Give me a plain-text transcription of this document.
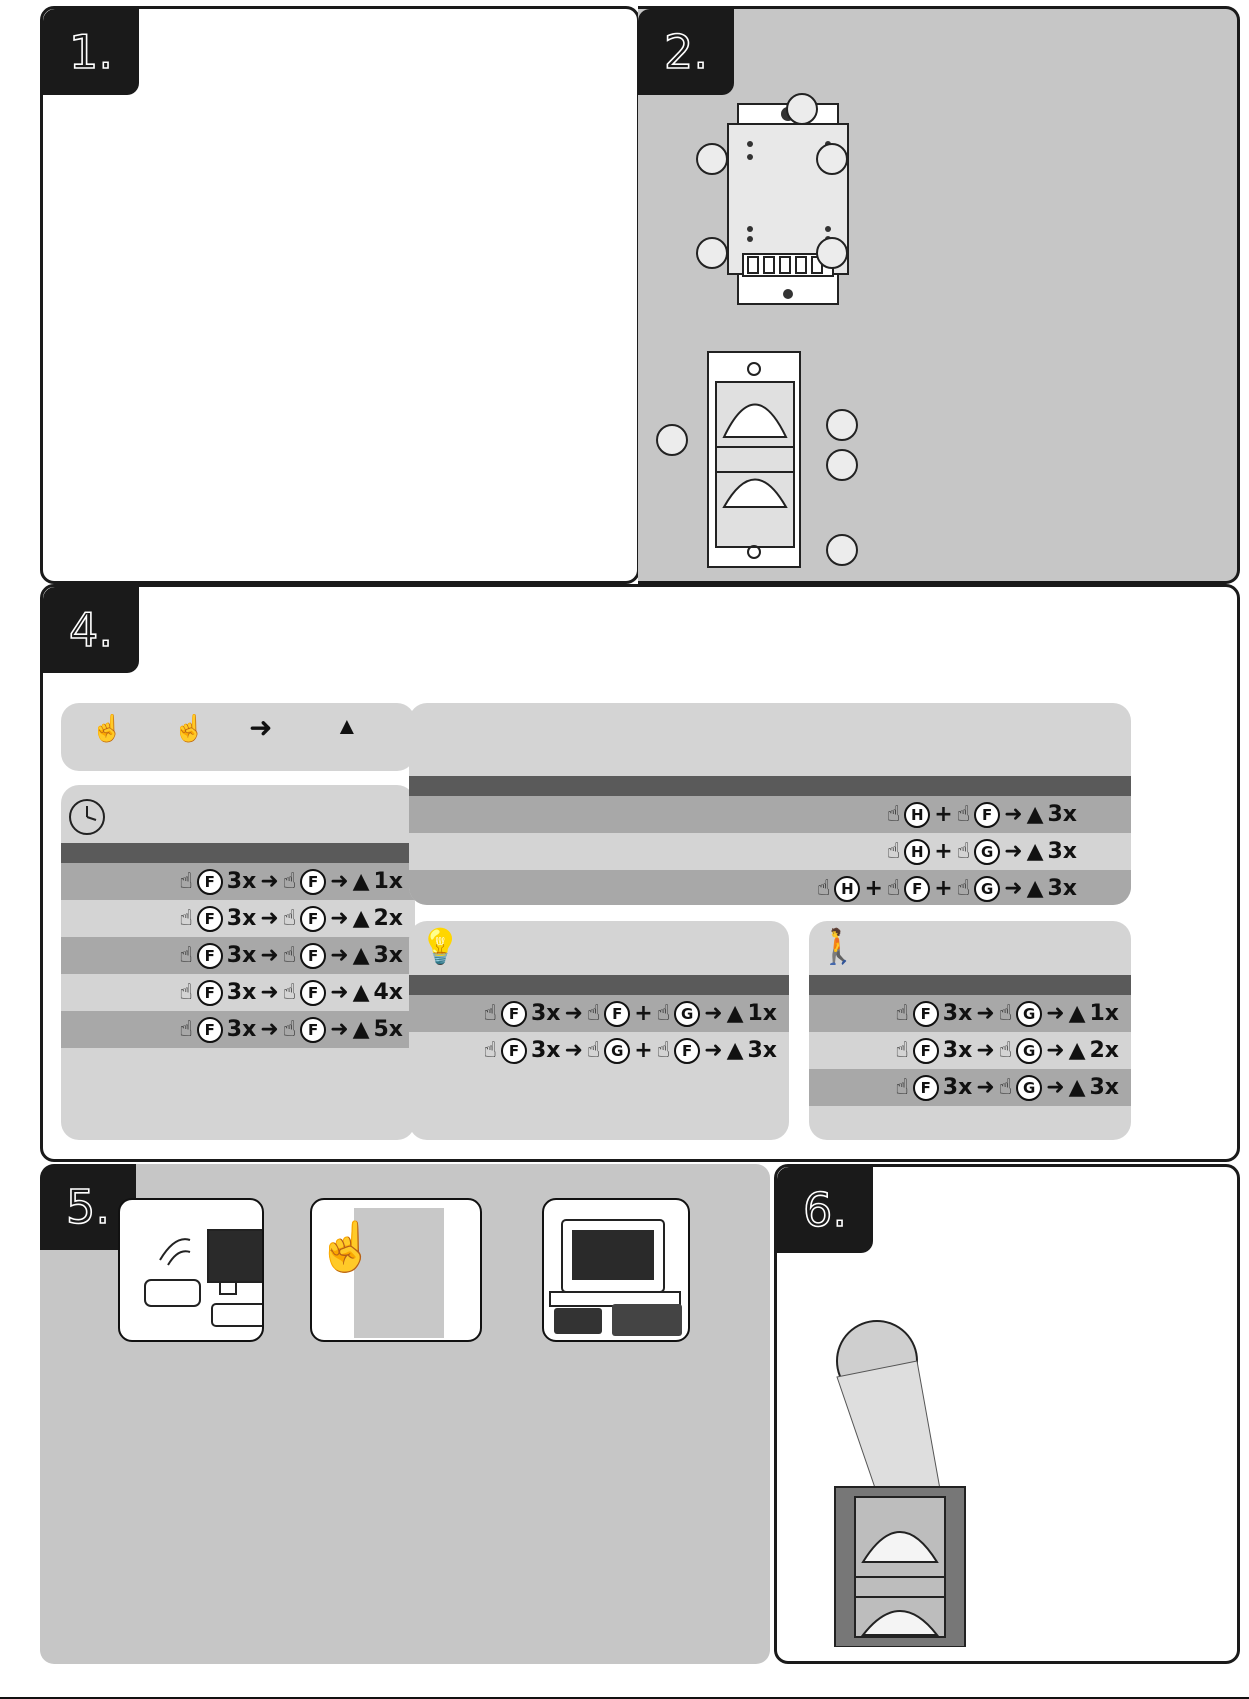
1.	2.
4.
☝ ☝ ➜	▲
☝ F 3x ➜ ☝ F ➜ ▲ 1x
☝ F 3x ➜ ☝ F ➜ ▲ 2x
☝ F 3x ➜ ☝ F ➜ ▲ 3x
☝ F 3x ➜ ☝ F ➜ ▲ 4x
☝ F 3x ➜ ☝ F ➜ ▲ 5x
☝ H + ☝ F ➜ ▲ 3x
☝ H + ☝ G ➜ ▲ 3x
☝ H + ☝ F + ☝ G ➜ ▲ 3x
💡
☝ F 3x ➜ ☝ F + ☝ G ➜ ▲ 1x
☝ F 3x ➜ ☝ G + ☝ F ➜ ▲ 3x
🚶
☝ F 3x ➜ ☝ G ➜ ▲ 1x
☝ F 3x ➜ ☝ G ➜ ▲ 2x
☝ F 3x ➜ ☝ G ➜ ▲ 3x
5.
☝
6.
